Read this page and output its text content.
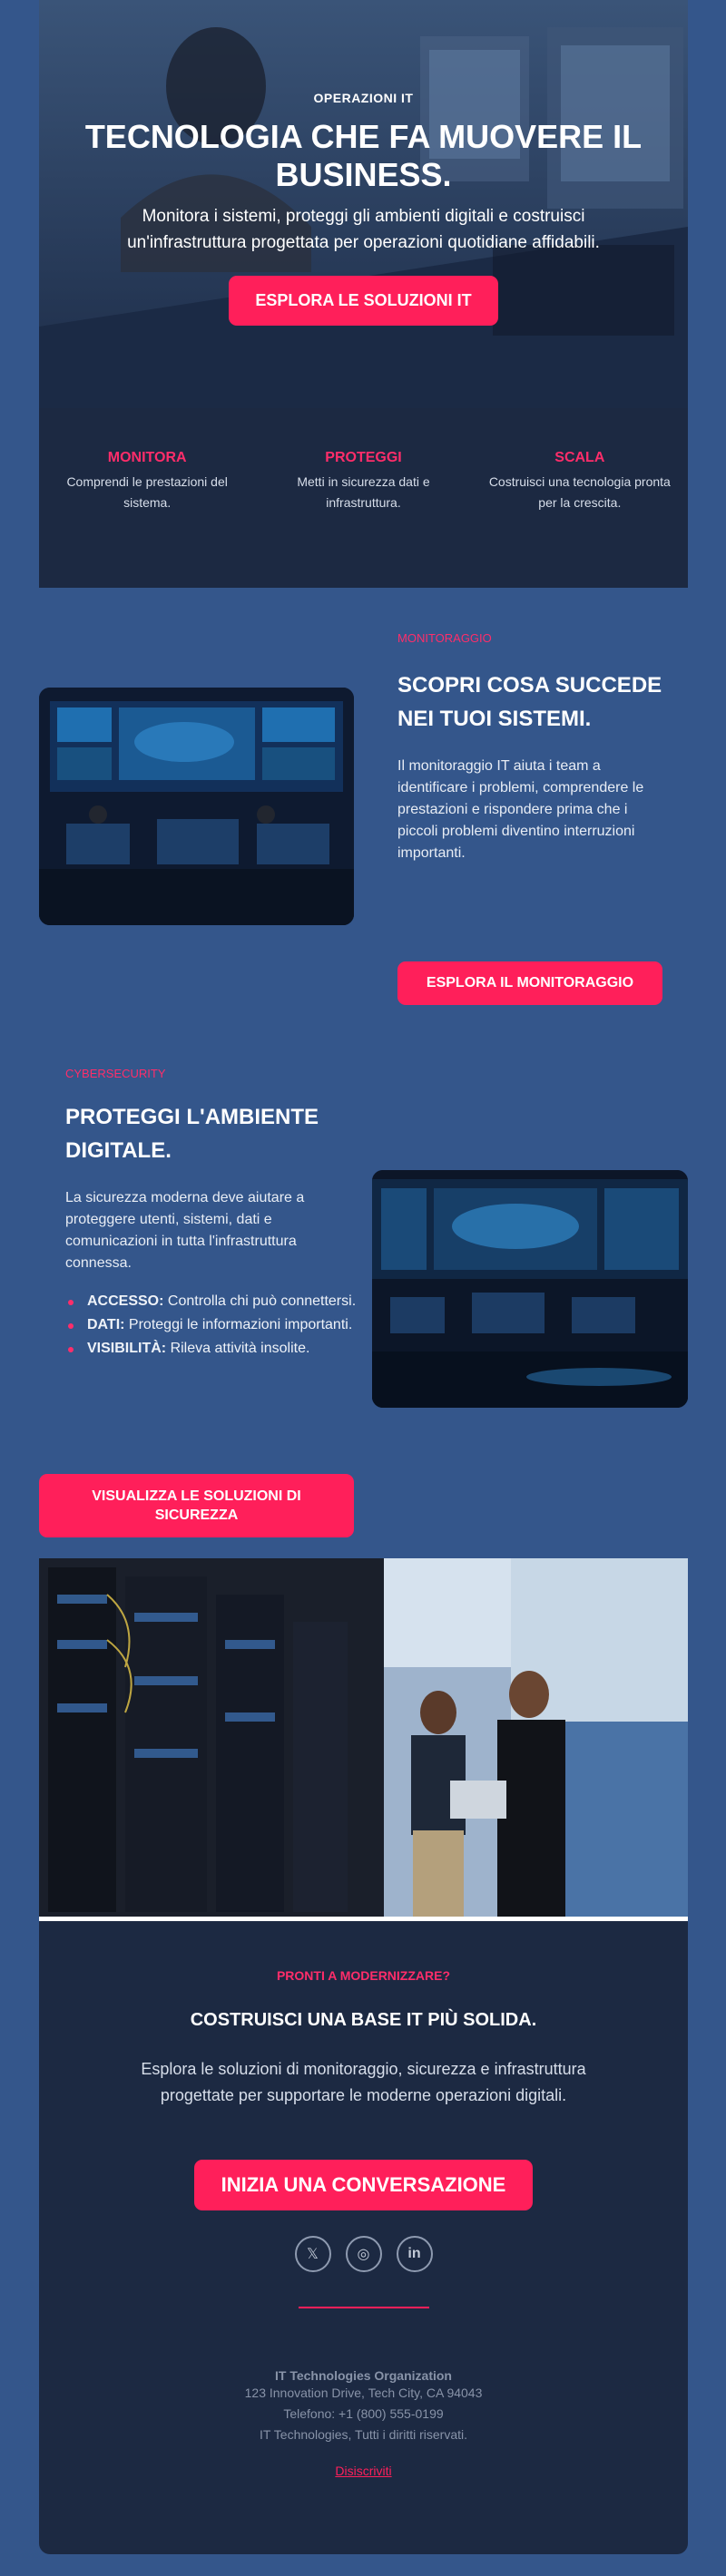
OPERAZIONI IT
TECNOLOGIA CHE FA MUOVERE IL BUSINESS.
Monitora i sistemi, proteggi gli ambienti digitali e costruisci un'infrastruttura progettata per operazioni quotidiane affidabili.
ESPLORA LE SOLUZIONI IT
MONITORA
Comprendi le prestazioni del sistema.
PROTEGGI
Metti in sicurezza dati e infrastruttura.
SCALA
Costruisci una tecnologia pronta per la crescita.
MONITORAGGIO
SCOPRI COSA SUCCEDE NEI TUOI SISTEMI.
Il monitoraggio IT aiuta i team a identificare i problemi, comprendere le prestazioni e rispondere prima che i piccoli problemi diventino interruzioni importanti.
ESPLORA IL MONITORAGGIO
CYBERSECURITY
PROTEGGI L'AMBIENTE DIGITALE.
La sicurezza moderna deve aiutare a proteggere utenti, sistemi, dati e comunicazioni in tutta l'infrastruttura connessa.
ACCESSO: Controlla chi può connettersi.
DATI: Proteggi le informazioni importanti.
VISIBILITÀ: Rileva attività insolite.
VISUALIZZA LE SOLUZIONI DI SICUREZZA
PRONTI A MODERNIZZARE?
COSTRUISCI UNA BASE IT PIÙ SOLIDA.
Esplora le soluzioni di monitoraggio, sicurezza e infrastruttura progettate per supportare le moderne operazioni digitali.
INIZIA UNA CONVERSAZIONE
𝕏	◎	in
IT Technologies Organization
123 Innovation Drive, Tech City, CA 94043
Telefono: +1 (800) 555-0199
IT Technologies, Tutti i diritti riservati.
Disiscriviti
